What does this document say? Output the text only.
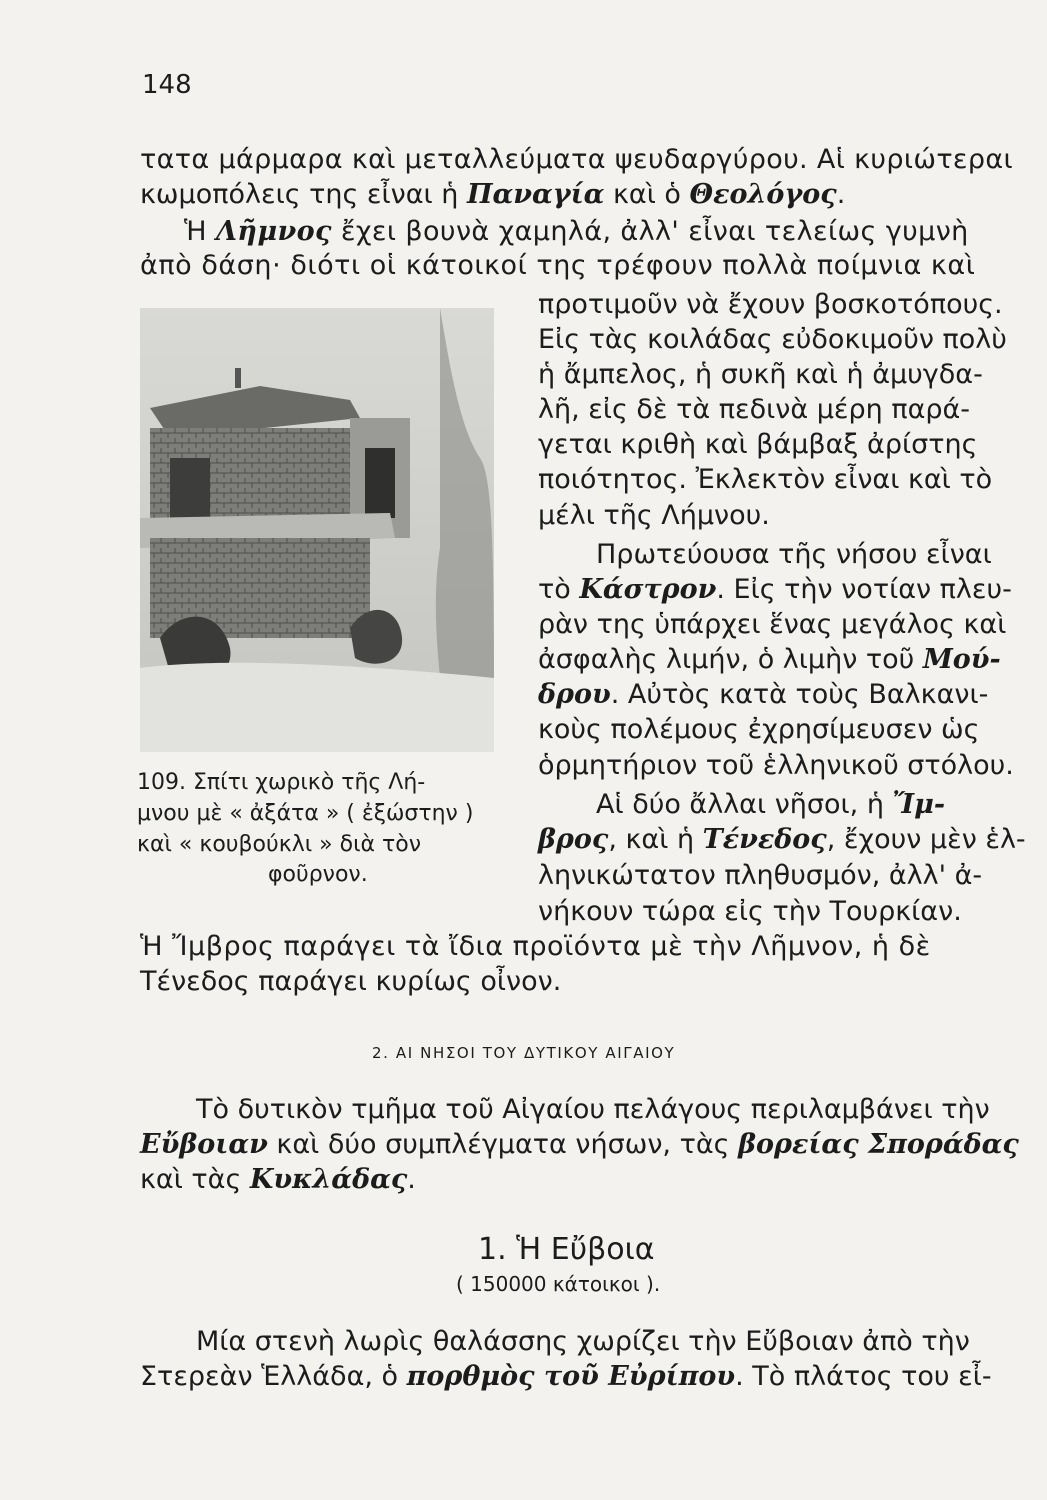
148
τατα μάρμαρα καὶ μεταλλεύματα ψευδαργύρου. Αἱ κυριώτεραι
κωμοπόλεις της εἶναι ἡ Παναγία καὶ ὁ Θεολόγος.
Ἡ Λῆμνος ἔχει βουνὰ χαμηλά, ἀλλ' εἶναι τελείως γυμνὴ
ἀπὸ δάση· διότι οἱ κάτοικοί της τρέφουν πολλὰ ποίμνια καὶ
προτιμοῦν νὰ ἔχουν βοσκοτόπους.
Εἰς τὰς κοιλάδας εὐδοκιμοῦν πολὺ
ἡ ἄμπελος, ἡ συκῆ καὶ ἡ ἀμυγδα-
λῆ, εἰς δὲ τὰ πεδινὰ μέρη παρά-
γεται κριθὴ καὶ βάμβαξ ἀρίστης
ποιότητος. Ἐκλεκτὸν εἶναι καὶ τὸ
μέλι τῆς Λήμνου.
Πρωτεύουσα τῆς νήσου εἶναι
τὸ Κάστρον. Εἰς τὴν νοτίαν πλευ-
ρὰν της ὑπάρχει ἕνας μεγάλος καὶ
ἀσφαλὴς λιμήν, ὁ λιμὴν τοῦ Μού-
δρου. Αὐτὸς κατὰ τοὺς Βαλκανι-
κοὺς πολέμους ἐχρησίμευσεν ὡς
ὁρμητήριον τοῦ ἑλληνικοῦ στόλου.
109. Σπίτι χωρικὸ τῆς Λή-
μνου μὲ « ἀξάτα » ( ἐξώστην )
καὶ « κουβούκλι » διὰ τὸν
φοῦρνον.
Αἱ δύο ἄλλαι νῆσοι, ἡ Ἴμ-
βρος, καὶ ἡ Τένεδος, ἔχουν μὲν ἑλ-
ληνικώτατον πληθυσμόν, ἀλλ' ἀ-
νήκουν τώρα εἰς τὴν Τουρκίαν.
Ἡ Ἴμβρος παράγει τὰ ἴδια προϊόντα μὲ τὴν Λῆμνον, ἡ δὲ
Τένεδος παράγει κυρίως οἶνον.
2. ΑΙ ΝΗΣΟΙ ΤΟΥ ΔΥΤΙΚΟΥ ΑΙΓΑΙΟΥ
Τὸ δυτικὸν τμῆμα τοῦ Αἰγαίου πελάγους περιλαμβάνει τὴν
Εὔβοιαν καὶ δύο συμπλέγματα νήσων, τὰς βορείας Σποράδας
καὶ τὰς Κυκλάδας.
1. Ἡ Εὔβοια
( 150000 κάτοικοι ).
Μία στενὴ λωρὶς θαλάσσης χωρίζει τὴν Εὔβοιαν ἀπὸ τὴν
Στερεὰν Ἑλλάδα, ὁ πορθμὸς τοῦ Εὐρίπου. Τὸ πλάτος του εἶ-
